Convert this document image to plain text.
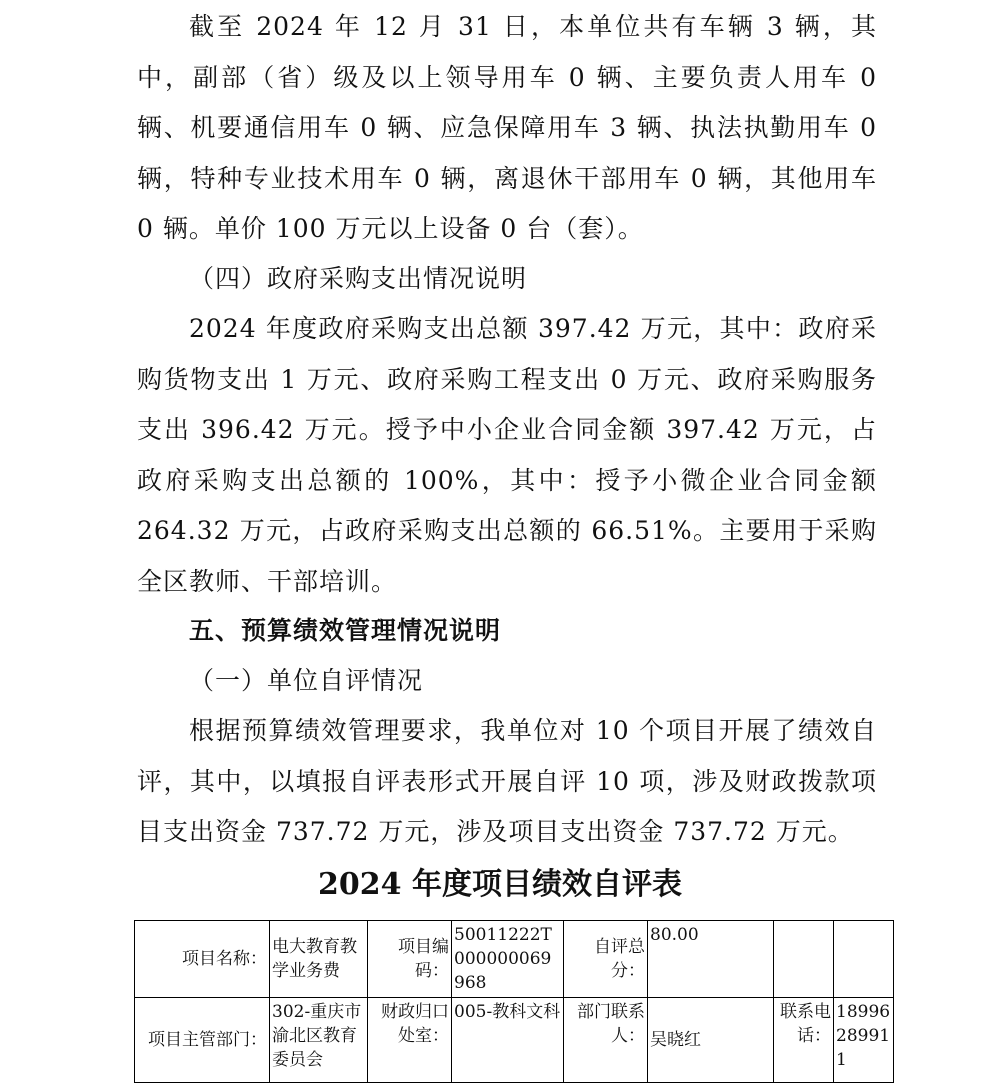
截至 2024 年 12 月 31 日，本单位共有车辆 3 辆，其中，副部（省）级及以上领导用车 0 辆、主要负责人用车 0 辆、机要通信用车 0 辆、应急保障用车 3 辆、执法执勤用车 0 辆，特种专业技术用车 0 辆，离退休干部用车 0 辆，其他用车 0 辆。单价 100 万元以上设备 0 台（套）。

（四）政府采购支出情况说明

2024 年度政府采购支出总额 397.42 万元，其中：政府采购货物支出 1 万元、政府采购工程支出 0 万元、政府采购服务支出 396.42 万元。授予中小企业合同金额 397.42 万元，占政府采购支出总额的 100%，其中：授予小微企业合同金额 264.32 万元，占政府采购支出总额的 66.51%。主要用于采购全区教师、干部培训。

五、预算绩效管理情况说明

（一）单位自评情况

根据预算绩效管理要求，我单位对 10 个项目开展了绩效自评，其中，以填报自评表形式开展自评 10 项，涉及财政拨款项目支出资金 737.72 万元，涉及项目支出资金 737.72 万元。

2024 年度项目绩效自评表

项目名称：	电大教育教学业务费	项目编码：	50011222T000000069968	自评总分：	80.00		
项目主管部门：	302-重庆市渝北区教育委员会	财政归口处室：	005-教科文科	部门联系人：	吴晓红	联系电话：	18996289911
